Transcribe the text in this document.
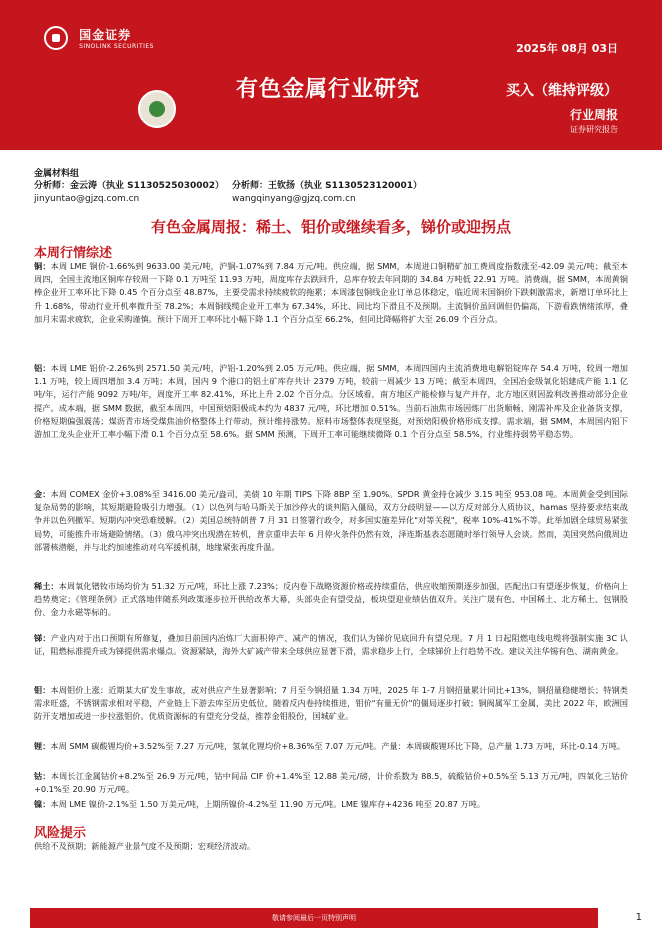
国金证券
SINOLINK SECURITIES	2025年 08月 03日
有色金属行业研究	买入（维持评级）
行业周报
证券研究报告
金属材料组
分析师：金云涛（执业 S1130525030002） 分析师：王钦扬（执业 S1130523120001）
jinyuntao@gjzq.com.cn	wangqinyang@gjzq.com.cn
有色金属周报：稀土、钼价或继续看多，锑价或迎拐点
本周行情综述
铜：本周 LME 铜价-1.66%到 9633.00 美元/吨，沪铜-1.07%到 7.84 万元/吨。供应端，据 SMM，本周进口铜精矿加工费周度指数涨至-42.09 美元/吨；截至本周四，全国主流地区铜库存较周一下降 0.1 万吨至 11.93 万吨，周度库存去跌回升，总库存较去年同期的 34.84 万吨低 22.91 万吨。消费端，据 SMM，本周黄铜棒企业开工率环比下降 0.45 个百分点至 48.87%，主要受需求持续疲软的拖累；本周漆包铜线企业订单总体稳定，临近周末国铜价下跌刺激需求，新增订单环比上升 1.68%，带动行业开机率微升至 78.2%；本周铜线缆企业开工率为 67.34%，环比、同比均下滑且不及预期。主流铜价虽回调但仍偏高，下游看跌情绪浓厚，叠加月末需求疲软，企业采购谨慎。预计下周开工率环比小幅下降 1.1 个百分点至 66.2%，但同比降幅将扩大至 26.09 个百分点。
铝：本周 LME 铝价-2.26%到 2571.50 美元/吨，沪铝-1.20%到 2.05 万元/吨。供应端，据 SMM，本周四国内主流消费地电解铝锭库存 54.4 万吨，较周一增加 1.1 万吨，较上周四增加 3.4 万吨；本周，国内 9 个港口的铝土矿库存共计 2379 万吨，较前一周减少 13 万吨；截至本周四，全国冶金级氧化铝建成产能 1.1 亿吨/年，运行产能 9092 万吨/年，周度开工率 82.41%，环比上升 2.02 个百分点。分区域看，南方地区产能检修与复产并存，北方地区则因盈利改善推动部分企业提产。成本端，据 SMM 数据，截至本周四，中国预焙阳极成本约为 4837 元/吨，环比增加 0.51%。当前石油焦市场因炼厂出货顺畅、刚需补库及企业备货支撑，价格短期偏强震荡；煤沥青市场受煤焦油价格整体上行带动，预计维持涨势。原料市场整体表现坚挺，对预焙阳极价格形成支撑。需求端，据 SMM，本周国内铝下游加工龙头企业开工率小幅下滑 0.1 个百分点至 58.6%。据 SMM 预测，下周开工率可能继续微降 0.1 个百分点至 58.5%，行业维持弱势平稳态势。
金：本周 COMEX 金价+3.08%至 3416.00 美元/盎司，美债 10 年期 TIPS 下降 8BP 至 1.90%。SPDR 黄金持仓减少 3.15 吨至 953.08 吨。本周黄金受到国际复杂局势的影响，其短期避险吸引力增强。（1）以色列与哈马斯关于加沙停火的谈判陷入僵局，双方分歧明显——以方反对部分人质协议，hamas 坚持要求结束战争并以色列撤军。短期内冲突恐难缓解。（2）美国总统特朗普 7 月 31 日签署行政令，对多国实施差异化"对等关税"，税率 10%-41%不等。此举加剧全球贸易紧张局势，可能推升市场避险情绪。（3）俄乌冲突出现潜在转机，普京重申去年 6 月停火条件仍然有效，泽连斯基表态愿随时举行领导人会谈。然而，美国突然向俄周边部署核潜艇，并与北约加速推动对乌军援机制，地缘紧张再度升温。
稀土：本周氧化镨钕市场均价为 51.32 万元/吨，环比上涨 7.23%；反内卷下战略资源价格或持续重估，供应收缩预期逐步加强，匹配出口有望逐步恢复，价格向上趋势奠定；《管理条例》正式落地伴随系列政策逐步拉开供给改革大幕，头部央企有望受益，板块望迎业绩估值双升。关注广晟有色、中国稀土、北方稀土、包钢股份、金力永磁等标的。
锑：产业内对于出口预期有所修复，叠加目前国内冶炼厂大面积停产、减产的情况，我们认为锑价见底回升有望兑现。7 月 1 日起阻燃电线电缆将强制实施 3C 认证，阻燃标准提升或为锑提供需求爆点。资源紧缺，海外大矿减产带来全球供应显著下滑，需求稳步上行，全球锑价上行趋势不改。建议关注华锡有色、湖南黄金。
钼：本周钼价上涨：近期某大矿发生事故，或对供应产生显著影响；7 月至今钢招量 1.34 万吨，2025 年 1-7 月钢招量累计同比+13%，钢招量稳健增长；特钢类需求旺盛，不锈钢需求相对平稳，产业链上下游去库至历史低位，随着反内卷持续推进，钼价"有量无价"的僵局逐步打破；铜阀属军工金属，美比 2022 年，欧洲国防开支增加或进一步拉涨钼价。优质资源标的有望充分受益，推荐金钼股份，国城矿业。
锂：本周 SMM 碳酸锂均价+3.52%至 7.27 万元/吨，氢氧化锂均价+8.36%至 7.07 万元/吨。产量：本周碳酸锂环比下降，总产量 1.73 万吨，环比-0.14 万吨。
钴：本周长江金属钴价+8.2%至 26.9 万元/吨，钴中间品 CIF 价+1.4%至 12.88 美元/磅，计价系数为 88.5，硫酸钴价+0.5%至 5.13 万元/吨，四氧化三钴价+0.1%至 20.90 万元/吨。
镍：本周 LME 镍价-2.1%至 1.50 万美元/吨，上期所镍价-4.2%至 11.90 万元/吨。LME 镍库存+4236 吨至 20.87 万吨。
风险提示
供给不及预期；新能源产业景气度不及预期；宏观经济波动。
敬请参阅最后一页特别声明	1
